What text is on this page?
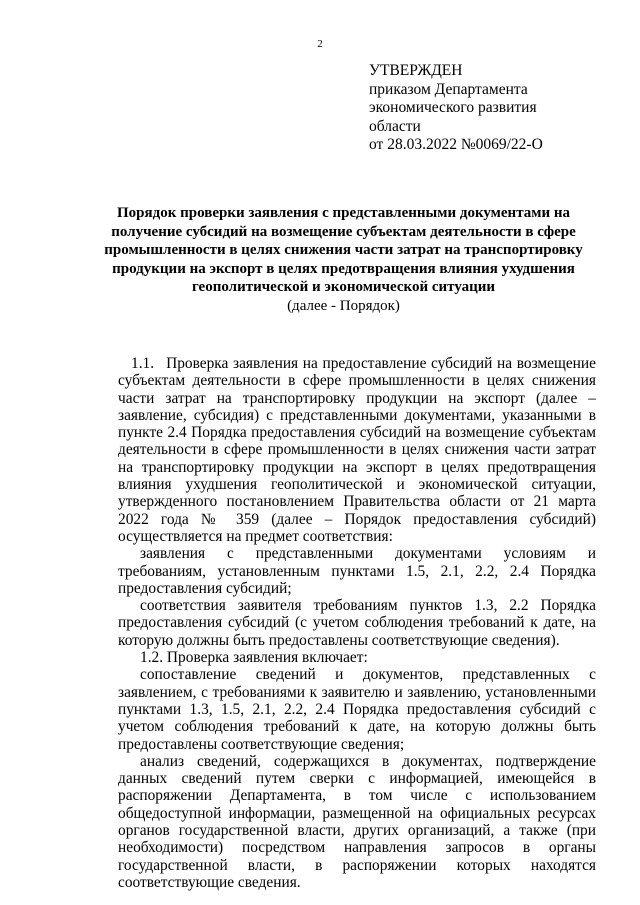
2
УТВЕРЖДЕН
приказом Департамента
экономического развития
области
от 28.03.2022 №0069/22-О
Порядок проверки заявления с представленными документами на получение субсидий на возмещение субъектам деятельности в сфере промышленности в целях снижения части затрат на транспортировку продукции на экспорт в целях предотвращения влияния ухудшения геополитической и экономической ситуации
(далее - Порядок)

1.1. Проверка заявления на предоставление субсидий на возмещение субъектам деятельности в сфере промышленности в целях снижения части затрат на транспортировку продукции на экспорт (далее – заявление, субсидия) с представленными документами, указанными в пункте 2.4 Порядка предоставления субсидий на возмещение субъектам деятельности в сфере промышленности в целях снижения части затрат на транспортировку продукции на экспорт в целях предотвращения влияния ухудшения геополитической и экономической ситуации, утвержденного постановлением Правительства области от 21 марта 2022 года № 359 (далее – Порядок предоставления субсидий) осуществляется на предмет соответствия:

заявления с представленными документами условиям и требованиям, установленным пунктами 1.5, 2.1, 2.2, 2.4 Порядка предоставления субсидий;

соответствия заявителя требованиям пунктов 1.3, 2.2 Порядка предоставления субсидий (с учетом соблюдения требований к дате, на которую должны быть предоставлены соответствующие сведения).

1.2. Проверка заявления включает:

сопоставление сведений и документов, представленных с заявлением, с требованиями к заявителю и заявлению, установленными пунктами 1.3, 1.5, 2.1, 2.2, 2.4 Порядка предоставления субсидий с учетом соблюдения требований к дате, на которую должны быть предоставлены соответствующие сведения;

анализ сведений, содержащихся в документах, подтверждение данных сведений путем сверки с информацией, имеющейся в распоряжении Департамента, в том числе с использованием общедоступной информации, размещенной на официальных ресурсах органов государственной власти, других организаций, а также (при необходимости) посредством направления запросов в органы государственной власти, в распоряжении которых находятся соответствующие сведения.
